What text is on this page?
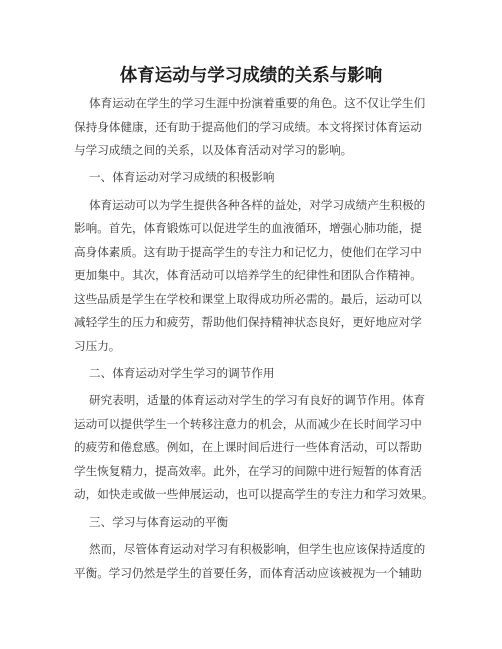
体育运动与学习成绩的关系与影响
体育运动在学生的学习生涯中扮演着重要的角色。这不仅让学生们
保持身体健康，还有助于提高他们的学习成绩。本文将探讨体育运动
与学习成绩之间的关系，以及体育活动对学习的影响。
一、体育运动对学习成绩的积极影响
体育运动可以为学生提供各种各样的益处，对学习成绩产生积极的
影响。首先，体育锻炼可以促进学生的血液循环，增强心肺功能，提
高身体素质。这有助于提高学生的专注力和记忆力，使他们在学习中
更加集中。其次，体育活动可以培养学生的纪律性和团队合作精神。
这些品质是学生在学校和课堂上取得成功所必需的。最后，运动可以
减轻学生的压力和疲劳，帮助他们保持精神状态良好，更好地应对学
习压力。
二、体育运动对学生学习的调节作用
研究表明，适量的体育运动对学生的学习有良好的调节作用。体育
运动可以提供学生一个转移注意力的机会，从而减少在长时间学习中
的疲劳和倦怠感。例如，在上课时间后进行一些体育活动，可以帮助
学生恢复精力，提高效率。此外，在学习的间隙中进行短暂的体育活
动，如快走或做一些伸展运动，也可以提高学生的专注力和学习效果。
三、学习与体育运动的平衡
然而，尽管体育运动对学习有积极影响，但学生也应该保持适度的
平衡。学习仍然是学生的首要任务，而体育活动应该被视为一个辅助
